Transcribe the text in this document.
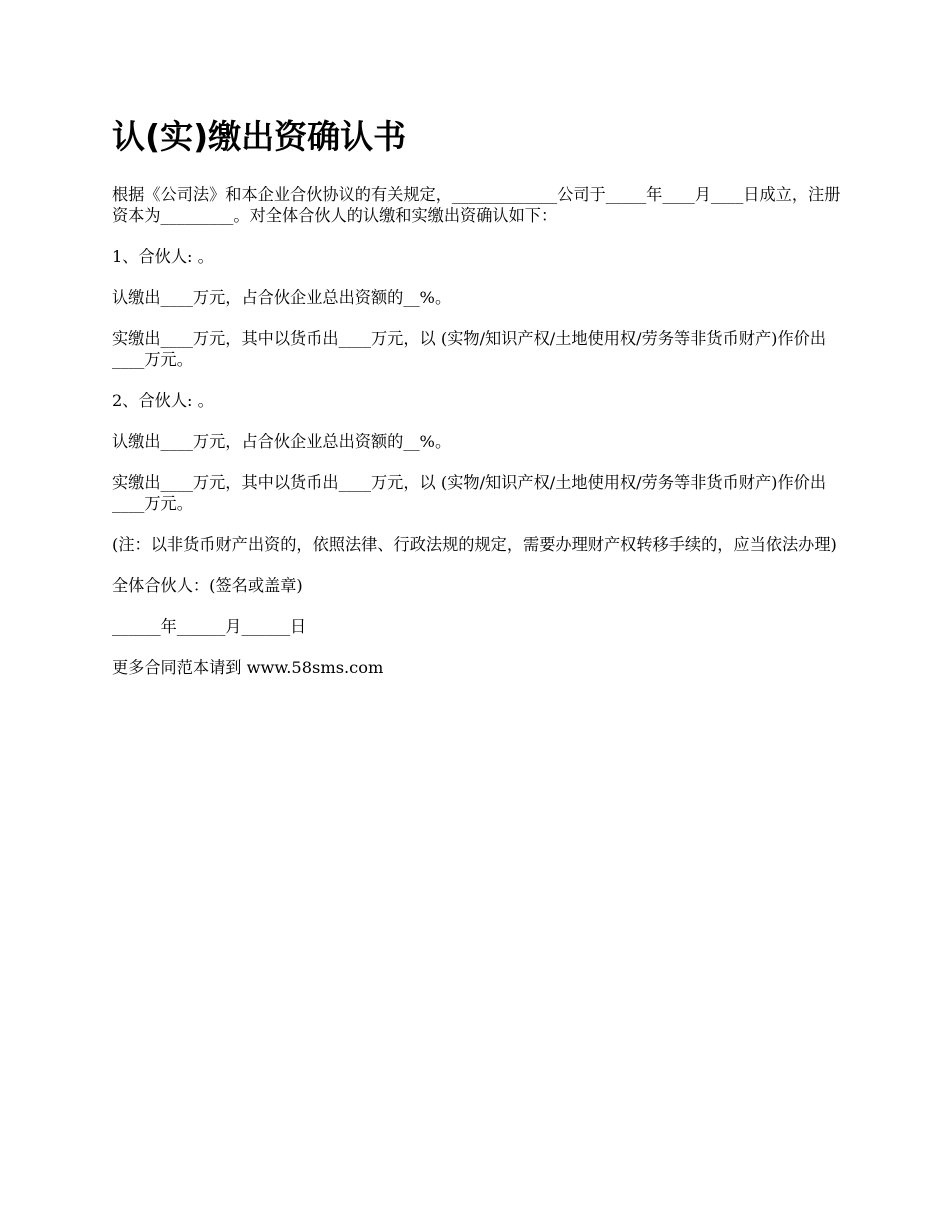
认(实)缴出资确认书

根据《公司法》和本企业合伙协议的有关规定，_____________公司于_____年____月____日成立，注册资本为_________。对全体合伙人的认缴和实缴出资确认如下：

1、合伙人: 。

认缴出____万元，占合伙企业总出资额的__%。

实缴出____万元，其中以货币出____万元，以 (实物/知识产权/土地使用权/劳务等非货币财产)作价出____万元。

2、合伙人: 。

认缴出____万元，占合伙企业总出资额的__%。

实缴出____万元，其中以货币出____万元，以 (实物/知识产权/土地使用权/劳务等非货币财产)作价出____万元。

(注：以非货币财产出资的，依照法律、行政法规的规定，需要办理财产权转移手续的，应当依法办理)

全体合伙人：(签名或盖章)

______年______月______日

更多合同范本请到 www.58sms.com
